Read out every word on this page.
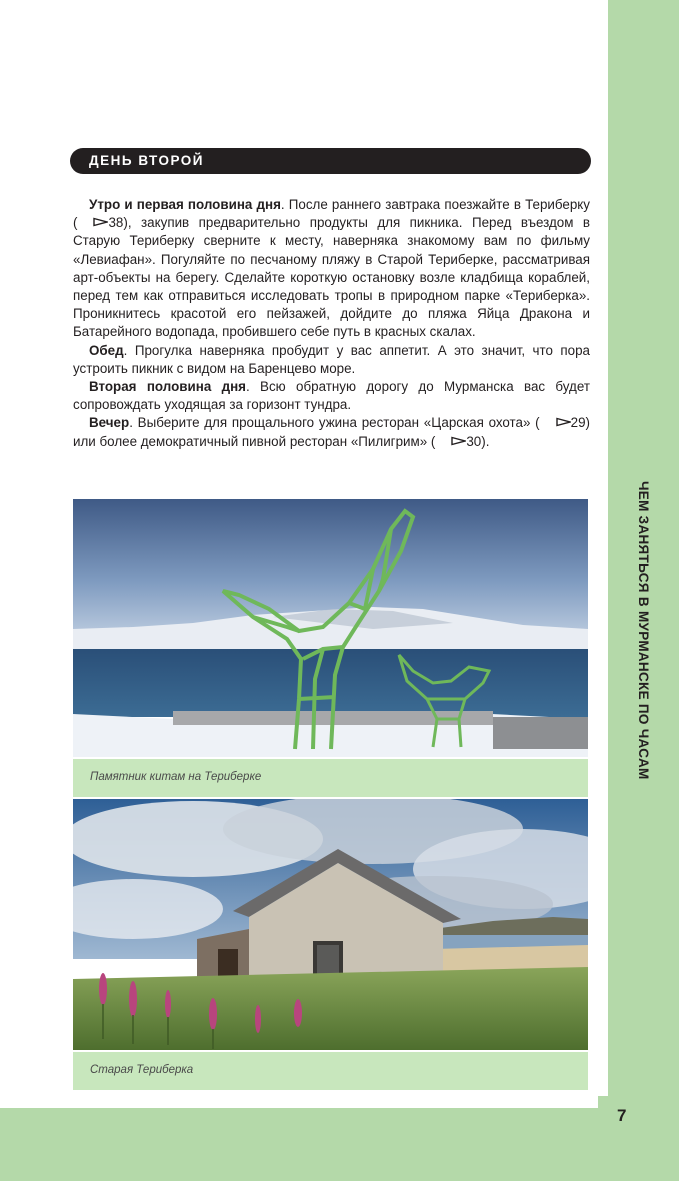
ЧЕМ ЗАНЯТЬСЯ В МУРМАНСКЕ ПО ЧАСАМ
7
ДЕНЬ ВТОРОЙ

Утро и первая половина дня. После раннего завтрака поезжайте в Териберку ( 38), закупив предварительно продукты для пикника. Перед въездом в Старую Териберку сверните к месту, наверняка знакомому вам по фильму «Левиафан». Погуляйте по песчаному пляжу в Старой Териберке, рассматривая арт-объекты на берегу. Сделайте короткую остановку возле кладбища кораблей, перед тем как отправиться исследовать тропы в природном парке «Териберка». Проникнитесь красотой его пейзажей, дойдите до пляжа Яйца Дракона и Батарейного водопада, пробившего себе путь в красных скалах.

Обед. Прогулка наверняка пробудит у вас аппетит. А это значит, что пора устроить пикник с видом на Баренцево море.

Вторая половина дня. Всю обратную дорогу до Мурманска вас будет сопровождать уходящая за горизонт тундра.

Вечер. Выберите для прощального ужина ресторан «Царская охота» ( 29) или более демократичный пивной ресторан «Пилигрим» ( 30).

Памятник китам на Териберке
Старая Териберка
